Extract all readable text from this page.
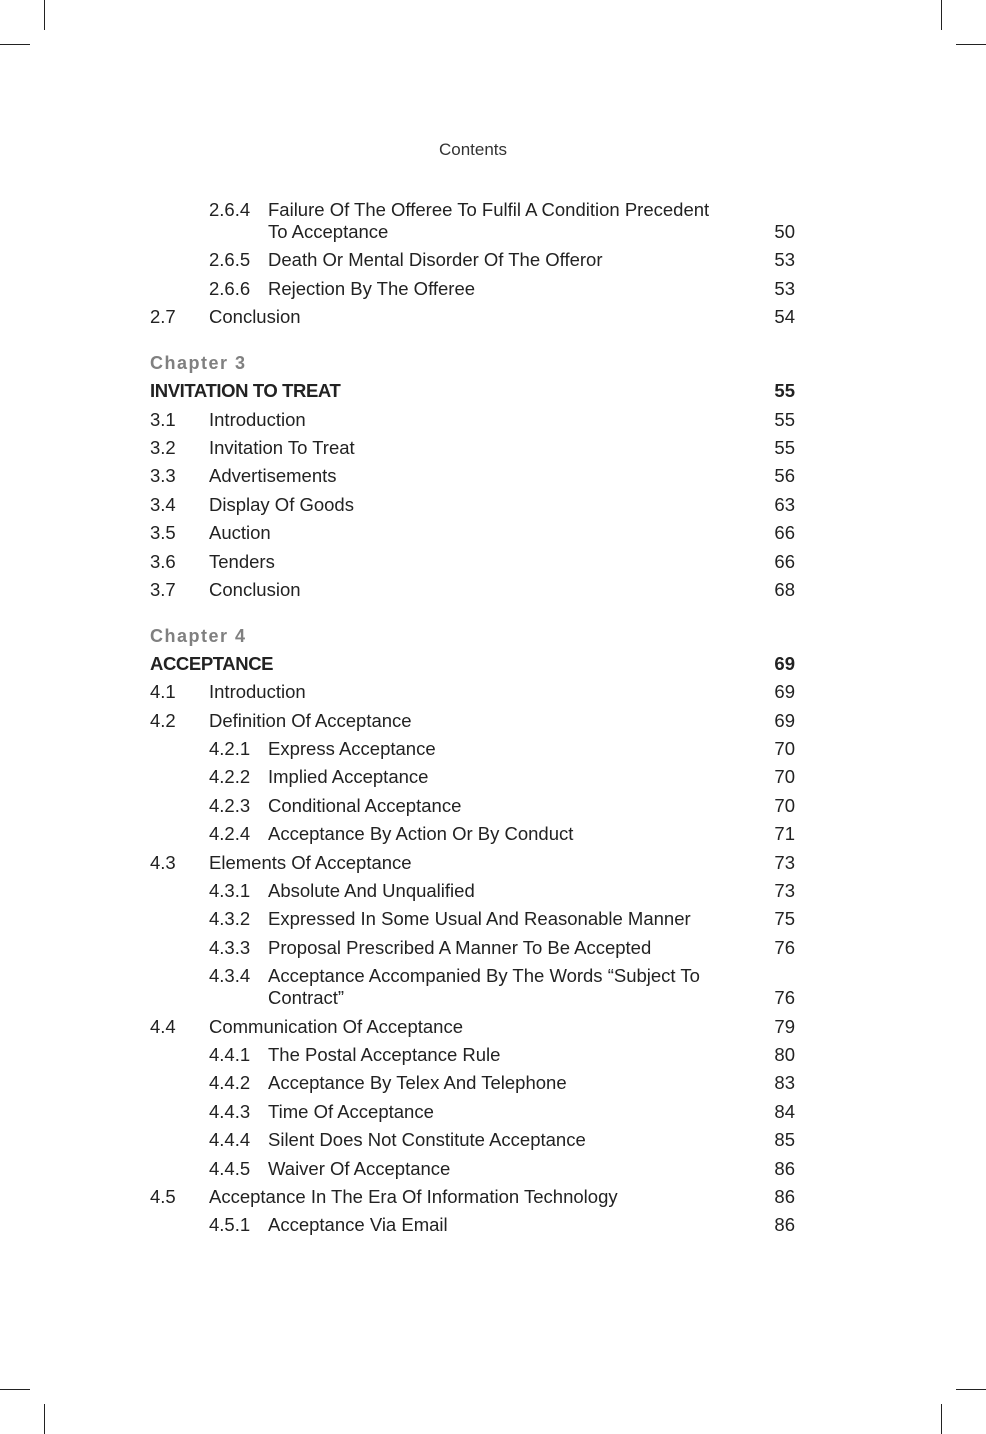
Contents
2.6.4 Failure Of The Offeree To Fulfil A Condition Precedent To Acceptance	50
2.6.5 Death Or Mental Disorder Of The Offeror	53
2.6.6 Rejection By The Offeree	53
2.7 Conclusion	54
Chapter 3
INVITATION TO TREAT	55
3.1 Introduction	55
3.2 Invitation To Treat	55
3.3 Advertisements	56
3.4 Display Of Goods	63
3.5 Auction	66
3.6 Tenders	66
3.7 Conclusion	68
Chapter 4
ACCEPTANCE	69
4.1 Introduction	69
4.2 Definition Of Acceptance	69
4.2.1 Express Acceptance	70
4.2.2 Implied Acceptance	70
4.2.3 Conditional Acceptance	70
4.2.4 Acceptance By Action Or By Conduct	71
4.3 Elements Of Acceptance	73
4.3.1 Absolute And Unqualified	73
4.3.2 Expressed In Some Usual And Reasonable Manner	75
4.3.3 Proposal Prescribed A Manner To Be Accepted	76
4.3.4 Acceptance Accompanied By The Words “Subject To Contract”	76
4.4 Communication Of Acceptance	79
4.4.1 The Postal Acceptance Rule	80
4.4.2 Acceptance By Telex And Telephone	83
4.4.3 Time Of Acceptance	84
4.4.4 Silent Does Not Constitute Acceptance	85
4.4.5 Waiver Of Acceptance	86
4.5 Acceptance In The Era Of Information Technology	86
4.5.1 Acceptance Via Email	86
